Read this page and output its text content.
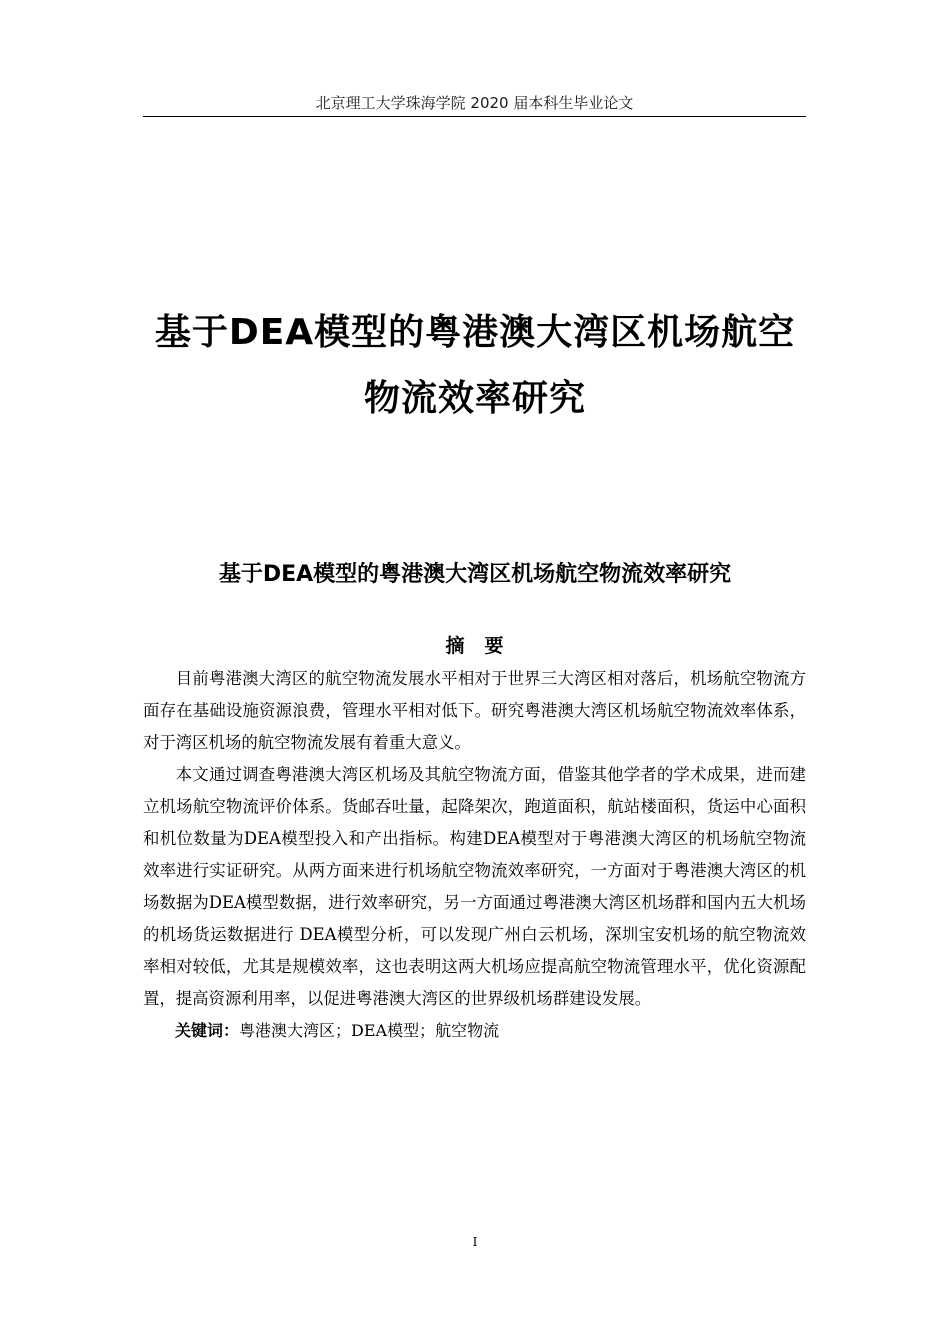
北京理工大学珠海学院 2020 届本科生毕业论文
基于DEA模型的粤港澳大湾区机场航空
物流效率研究
基于DEA模型的粤港澳大湾区机场航空物流效率研究
摘要

目前粤港澳大湾区的航空物流发展水平相对于世界三大湾区相对落后，机场航空物流方面存在基础设施资源浪费，管理水平相对低下。研究粤港澳大湾区机场航空物流效率体系，对于湾区机场的航空物流发展有着重大意义。

本文通过调查粤港澳大湾区机场及其航空物流方面，借鉴其他学者的学术成果，进而建立机场航空物流评价体系。货邮吞吐量，起降架次，跑道面积，航站楼面积，货运中心面积和机位数量为DEA模型投入和产出指标。构建DEA模型对于粤港澳大湾区的机场航空物流效率进行实证研究。从两方面来进行机场航空物流效率研究，一方面对于粤港澳大湾区的机场数据为DEA模型数据，进行效率研究，另一方面通过粤港澳大湾区机场群和国内五大机场的机场货运数据进行 DEA模型分析，可以发现广州白云机场，深圳宝安机场的航空物流效率相对较低，尤其是规模效率，这也表明这两大机场应提高航空物流管理水平，优化资源配置，提高资源利用率，以促进粤港澳大湾区的世界级机场群建设发展。

关键词：粤港澳大湾区；DEA模型；航空物流

I
